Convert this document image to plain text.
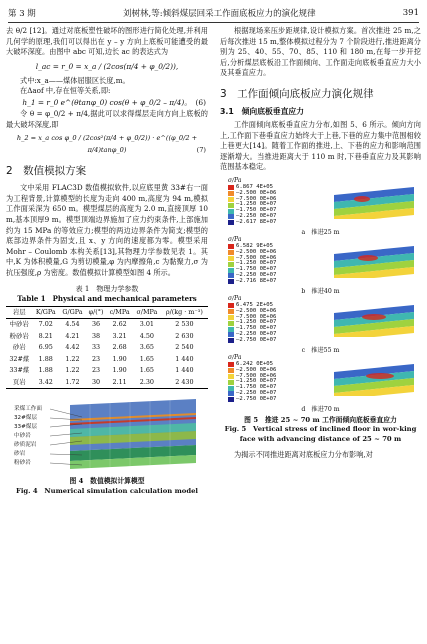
第 3 期	刘树林,等:倾斜煤层回采工作面底板应力的演化规律	391

去 θ/2 [12]。通过对底板塑性破坏的图形进行简化处理,并利用几何学的原理,我们可以得出在 y – y 方向上底板可能遭受的最大破坏深度。由图中 abc 可知,边长 ac 的表达式为

l_ac = r_0 = x_a / (2cos(π/4 + φ_0/2)),

式中:x_a——煤体屈服区长度,m。

在Δaof 中,存在恒等关系,即:

h_1 = r_0 e^(θtanφ_0) cos(θ + φ_0/2 – π/4)。 (6)

令 θ = φ_0/2 + π/4,据此可以求得煤层走向方向上底板的最大破坏深度,即

h_2 = x_a cos φ_0 / (2cos²(π/4 + φ_0/2)) · e^((φ_0/2 + π/4)tanφ_0)	(7)
2　数值模拟方案

文中采用 FLAC3D 数值模拟软件,以应底里黄 33#右一面为工程背景,计算模型的长度为走向 400 m,高度为 94 m,模拟工作面采深为 650 m。模型煤层的高度为 2.0 m,直接顶厚 10 m,基本顶厚9 m。模型顶端边界施加了应力约束条件,上部施加约为 15 MPa 的等效应力;模型的两边边界条件为简支;模型的底部边界条件为固支,且 x、y 方向的速度都为零。模型采用 Mohr – Coulomb 本构关系[13],其物理力学参数见表 1。其中,K 为体积模量,G 为剪切模量,φ 为内摩擦角,c 为黏聚力,σ 为抗压强度,ρ 为密度。数值模拟计算模型如图 4 所示。

表 1　物理力学参数
Table 1　Physical and mechanical parameters
岩层	K/GPa	G/GPa	φ/(°)	c/MPa	σ/MPa	ρ/(kg · m⁻³)
中砂岩	7.02	4.54	36	2.62	3.01	2 530
粉砂岩	8.21	4.21	38	3.21	4.50	2 630
砂岩	6.95	4.42	33	2.68	3.65	2 540
32#煤	1.88	1.22	23	1.90	1.65	1 440
33#煤	1.88	1.22	23	1.90	1.65	1 440
页岩	3.42	1.72	30	2.11	2.30	2 430
采煤工作面
32#煤层
33#煤层
中砂岩
砂质泥岩
砂岩
粉砂岩
图 4　数值模拟计算模型
Fig. 4　Numerical simulation calculation model

根据现场来压步距规律,设计模拟方案。首次推进 25 m,之后每次推进 15 m,整体模拟过程分为 7 个阶段进行,推进距离分别为 25、40、55、70、85、110 和 180 m,在每一步开挖后,分析煤层底板沿工作面倾向、工作面走向底板垂直应力大小及其垂直应力。

3　工作面倾向底板应力演化规律
3.1　倾向底板垂直应力

工作面倾向底板垂直应力分布,如图 5、6 所示。倾向方向上,工作面下巷垂直应力始终大于上巷,下巷的应力集中范围相较上巷更大[14]。随着工作面的推进,上、下巷的应力和影响范围逐渐增大。当推进距离大于 110 m 时,下巷垂直应力及其影响范围基本稳定。

σ/Pa
6.867 4E+05
–2.500 0E+06
–7.500 0E+06
–1.250 0E+07
–1.750 0E+07
–2.250 0E+07
–2.617 8E+07
a　推进25 m
σ/Pa
6.582 9E+05
–2.500 0E+06
–7.500 0E+06
–1.250 0E+07
–1.750 0E+07
–2.250 0E+07
–2.716 8E+07
b　推进40 m
σ/Pa
6.475 2E+05
–2.500 0E+06
–7.500 0E+06
–1.250 0E+07
–1.750 0E+07
–2.250 0E+07
–2.750 0E+07
c　推进55 m
σ/Pa
6.242 0E+05
–2.500 0E+06
–7.500 0E+06
–1.250 0E+07
–1.750 0E+07
–2.250 0E+07
–2.750 0E+07
d　推进70 m
图 5　推进 25 ~ 70 m 工作面倾向底板垂直应力
Fig. 5　Vertical stress of inclined floor in wor-king face with advancing distance of 25 ~ 70 m

为揭示不同推进距离对底板应力分布影响,对
